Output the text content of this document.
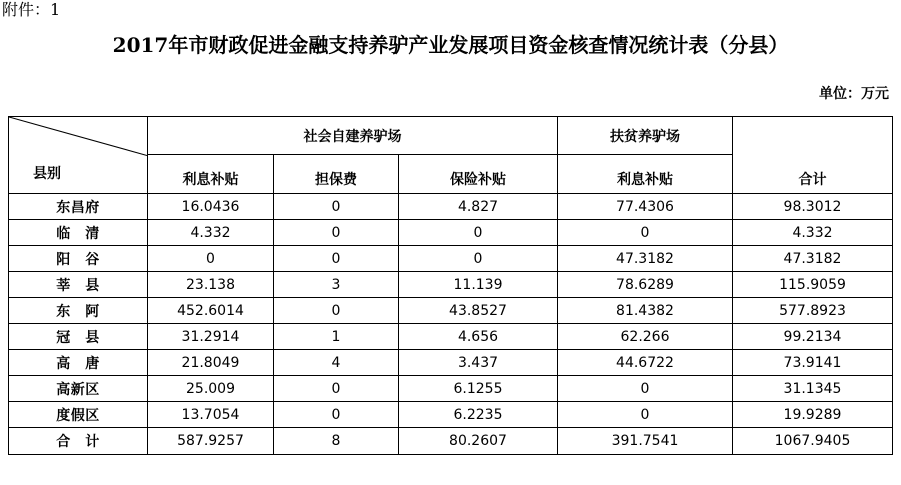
附件：1
2017年市财政促进金融支持养驴产业发展项目资金核查情况统计表（分县）
单位：万元
县别	社会自建养驴场			扶贫养驴场	合计
	利息补贴	担保费	保险补贴	利息补贴	
东昌府	16.0436	0	4.827	77.4306	98.3012
临　清	4.332	0	0	0	4.332
阳　谷	0	0	0	47.3182	47.3182
莘　县	23.138	3	11.139	78.6289	115.9059
东　阿	452.6014	0	43.8527	81.4382	577.8923
冠　县	31.2914	1	4.656	62.266	99.2134
高　唐	21.8049	4	3.437	44.6722	73.9141
高新区	25.009	0	6.1255	0	31.1345
度假区	13.7054	0	6.2235	0	19.9289
合　计	587.9257	8	80.2607	391.7541	1067.9405
